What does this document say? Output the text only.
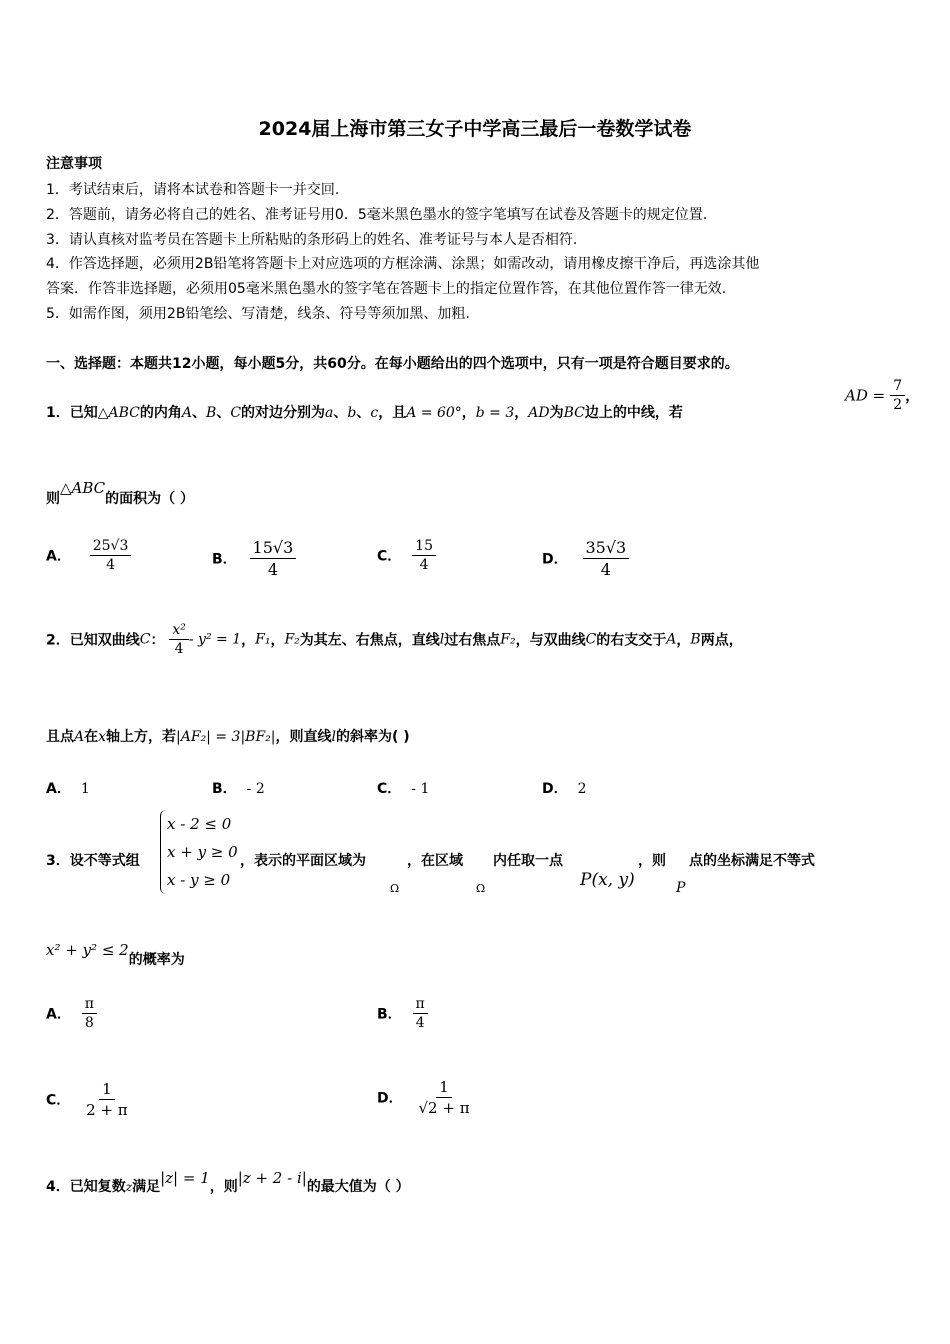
2024届上海市第三女子中学高三最后一卷数学试卷
注意事项
1．考试结束后，请将本试卷和答题卡一并交回.
2．答题前，请务必将自己的姓名、准考证号用0．5毫米黑色墨水的签字笔填写在试卷及答题卡的规定位置.
3．请认真核对监考员在答题卡上所粘贴的条形码上的姓名、准考证号与本人是否相符.
4．作答选择题，必须用2B铅笔将答题卡上对应选项的方框涂满、涂黑；如需改动，请用橡皮擦干净后，再选涂其他
答案．作答非选择题，必须用05毫米黑色墨水的签字笔在答题卡上的指定位置作答，在其他位置作答一律无效.
5．如需作图，须用2B铅笔绘、写清楚，线条、符号等须加黑、加粗.
一、选择题：本题共12小题，每小题5分，共60分。在每小题给出的四个选项中，只有一项是符合题目要求的。
1．已知△ABC的内角A、B、C的对边分别为a、b、c，且A = 60°，b = 3，AD为BC边上的中线，若
AD = $\frac{7}{2}$ ，
则△ABC的面积为（ ）
A． $\frac{25√3}{4}$	B． $\frac{15√3}{4}$	C． $\frac{15}{4}$	D． $\frac{35√3}{4}$
2．已知双曲线C： $\frac{\text{x²}}{4} - y^2 = 1$，F₁，F₂为其左、右焦点，直线l过右焦点F₂，与双曲线C的右支交于A，B两点，
且点A在x轴上方，若|AF₂| = 3|BF₂|，则直线l的斜率为( )
A． 1	B． - 2	C． - 1	D． 2
3．设不等式组
x - 2 ≤ 0
x + y ≥ 0
x - y ≥ 0
，表示的平面区域为
Ω
，在区域
Ω
内任取一点
P(x, y)
，则 点的坐标满足不等式
P
x² + y² ≤ 2的概率为
A． $\frac{\pi}{8}$	B． $\frac{\pi}{4}$
C． $\frac{1}{2 + \pi}$	D． $\frac{1}{√2 + \pi}$
4．已知复数z满足|z| = 1，则|z + 2 - i|的最大值为（ ）
